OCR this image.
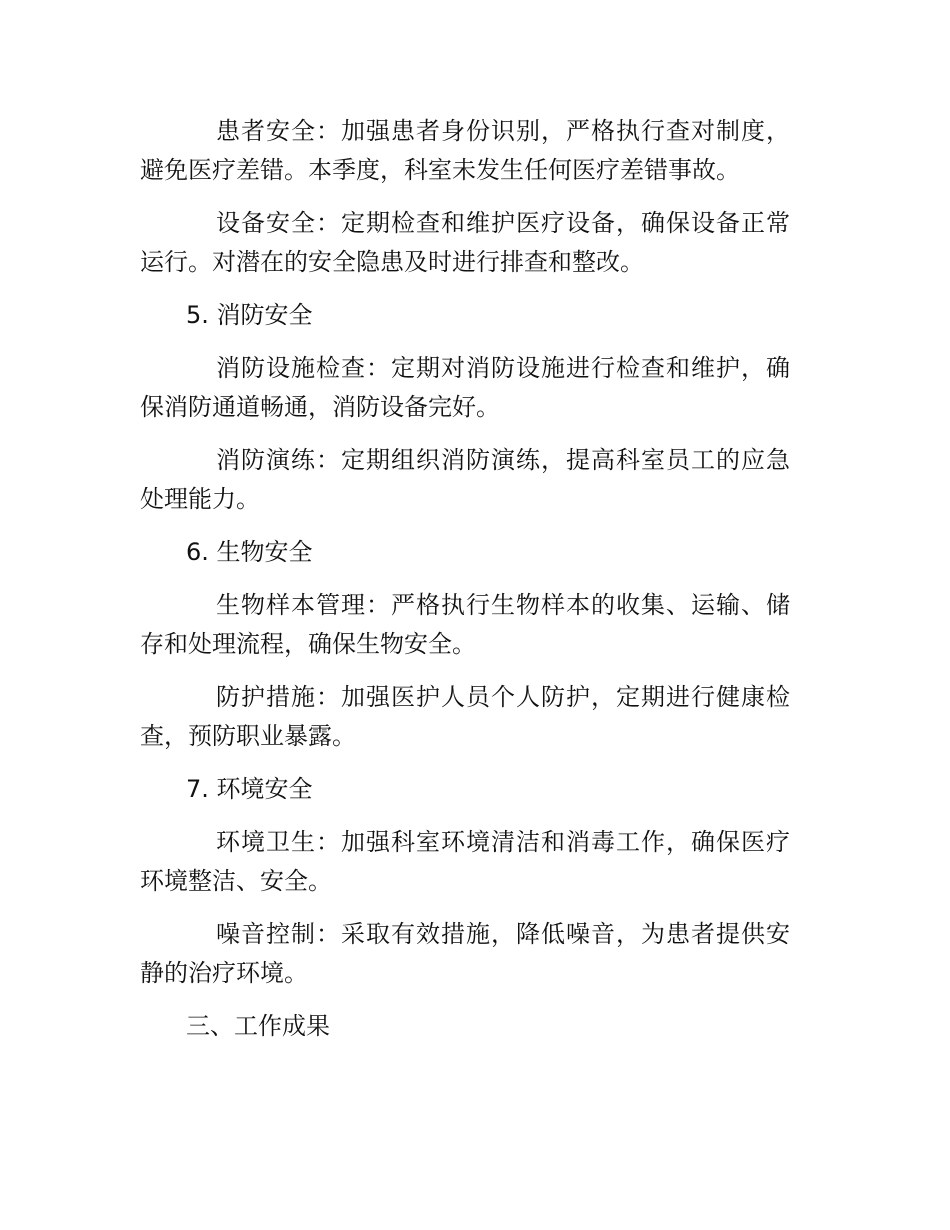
患者安全：加强患者身份识别，严格执行查对制度，避免医疗差错。本季度，科室未发生任何医疗差错事故。

设备安全：定期检查和维护医疗设备，确保设备正常运行。对潜在的安全隐患及时进行排查和整改。

5. 消防安全

消防设施检查：定期对消防设施进行检查和维护，确保消防通道畅通，消防设备完好。

消防演练：定期组织消防演练，提高科室员工的应急处理能力。

6. 生物安全

生物样本管理：严格执行生物样本的收集、运输、储存和处理流程，确保生物安全。

防护措施：加强医护人员个人防护，定期进行健康检查，预防职业暴露。

7. 环境安全

环境卫生：加强科室环境清洁和消毒工作，确保医疗环境整洁、安全。

噪音控制：采取有效措施，降低噪音，为患者提供安静的治疗环境。

三、工作成果
